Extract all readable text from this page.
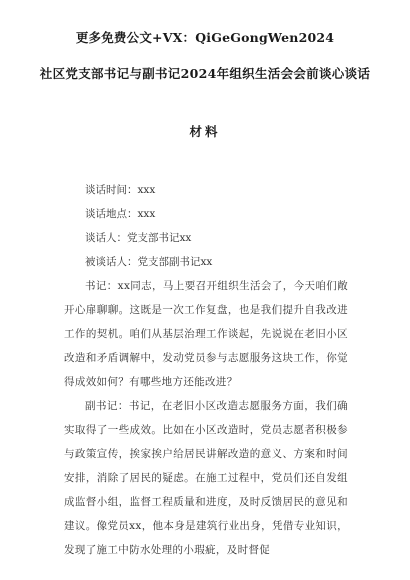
更多免费公文+VX：QiGeGongWen2024
社区党支部书记与副书记2024年组织生活会会前谈心谈话
材料

谈话时间：xxx

谈话地点：xxx

谈话人：党支部书记xx

被谈话人：党支部副书记xx

书记：xx同志，马上要召开组织生活会了，今天咱们敞开心扉聊聊。这既是一次工作复盘，也是我们提升自我改进工作的契机。咱们从基层治理工作谈起，先说说在老旧小区改造和矛盾调解中，发动党员参与志愿服务这块工作，你觉得成效如何？有哪些地方还能改进？

副书记：书记，在老旧小区改造志愿服务方面，我们确实取得了一些成效。比如在小区改造时，党员志愿者积极参与政策宣传，挨家挨户给居民讲解改造的意义、方案和时间安排，消除了居民的疑虑。在施工过程中，党员们还自发组成监督小组，监督工程质量和进度，及时反馈居民的意见和建议。像党员xx，他本身是建筑行业出身，凭借专业知识，发现了施工中防水处理的小瑕疵，及时督促
